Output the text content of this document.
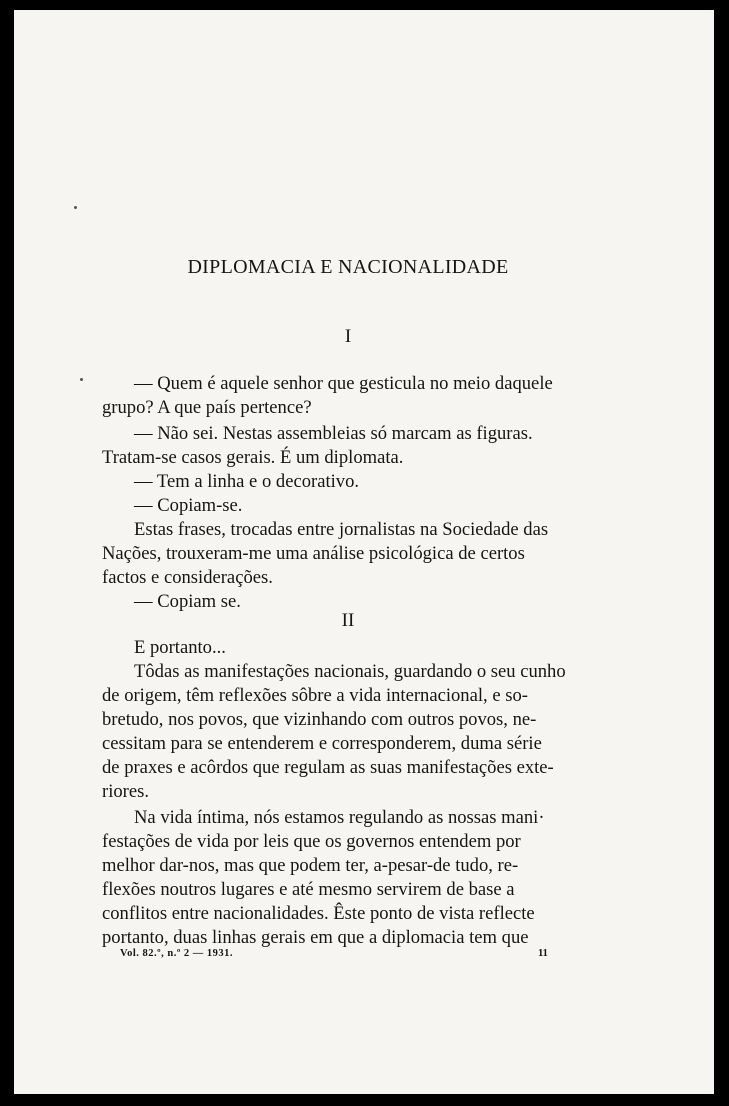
DIPLOMACIA E NACIONALIDADE
I
— Quem é aquele senhor que gesticula no meio daquele
grupo? A que país pertence?
— Não sei. Nestas assembleias só marcam as figuras.
Tratam-se casos gerais. É um diplomata.
— Tem a linha e o decorativo.
— Copiam-se.
Estas frases, trocadas entre jornalistas na Sociedade das
Nações, trouxeram-me uma análise psicológica de certos
factos e considerações.
— Copiam se.
II
E portanto...
Tôdas as manifestações nacionais, guardando o seu cunho
de origem, têm reflexões sôbre a vida internacional, e so-
bretudo, nos povos, que vizinhando com outros povos, ne-
cessitam para se entenderem e corresponderem, duma série
de praxes e acôrdos que regulam as suas manifestações exte-
riores.
Na vida íntima, nós estamos regulando as nossas mani·
festações de vida por leis que os governos entendem por
melhor dar-nos, mas que podem ter, a-pesar-de tudo, re-
flexões noutros lugares e até mesmo servirem de base a
conflitos entre nacionalidades. Êste ponto de vista reflecte
portanto, duas linhas gerais em que a diplomacia tem que
Vol. 82.º, n.º 2 — 1931.	11
